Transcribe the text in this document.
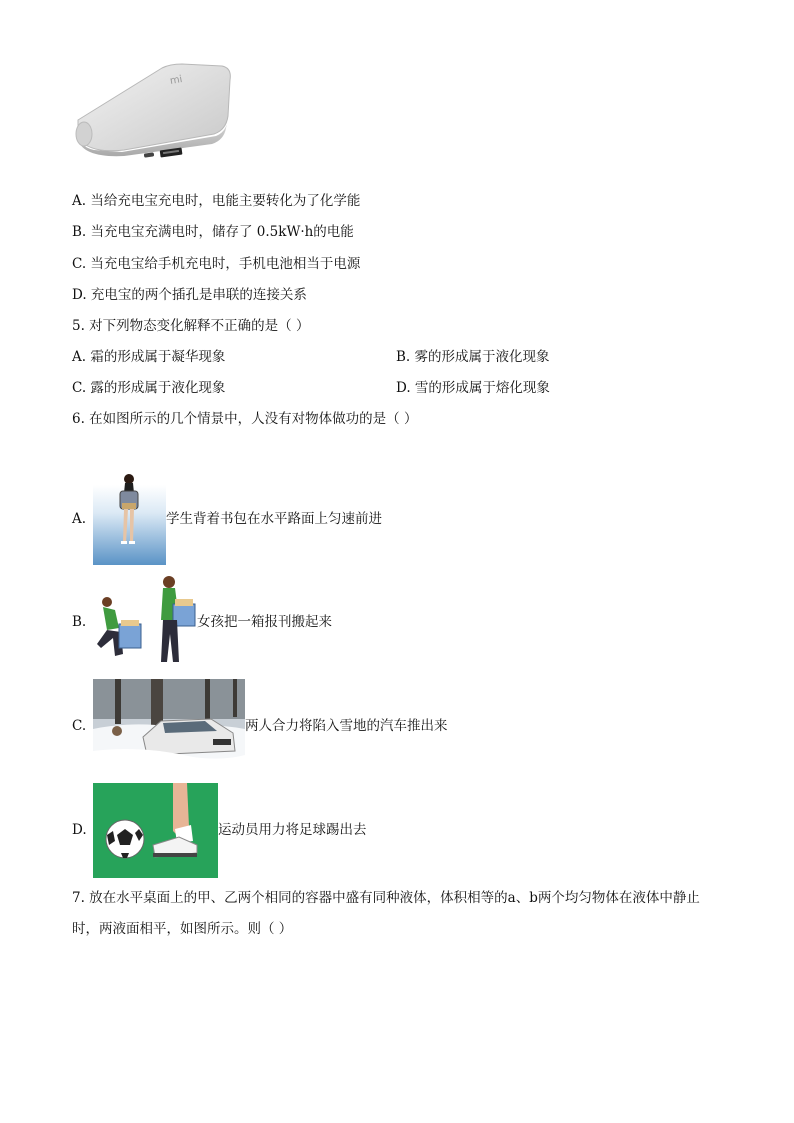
mi
A. 当给充电宝充电时，电能主要转化为了化学能
B. 当充电宝充满电时，储存了 0.5kW·h的电能
C. 当充电宝给手机充电时，手机电池相当于电源
D. 充电宝的两个插孔是串联的连接关系
5. 对下列物态变化解释不正确的是（ ）
A. 霜的形成属于凝华现象	B. 雾的形成属于液化现象
C. 露的形成属于液化现象	D. 雪的形成属于熔化现象
6. 在如图所示的几个情景中，人没有对物体做功的是（ ）
A.	学生背着书包在水平路面上匀速前进
B.	女孩把一箱报刊搬起来
C.	两人合力将陷入雪地的汽车推出来
D.	运动员用力将足球踢出去
7. 放在水平桌面上的甲、乙两个相同的容器中盛有同种液体，体积相等的a、b两个均匀物体在液体中静止
时，两液面相平，如图所示。则（ ）
